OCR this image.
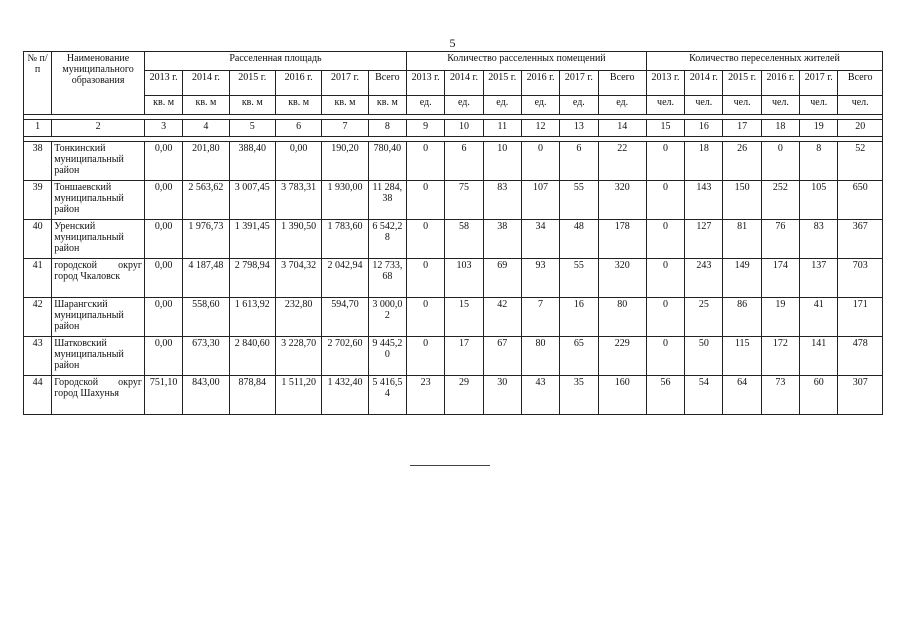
5
№ п/п	Наименование муниципального образования	Расселенная площадь						Количество расселенных помещений						Количество переселенных жителей					
		2013 г.	2014 г.	2015 г.	2016 г.	2017 г.	Всего	2013 г.	2014 г.	2015 г.	2016 г.	2017 г.	Всего	2013 г.	2014 г.	2015 г.	2016 г.	2017 г.	Всего
		кв. м	кв. м	кв. м	кв. м	кв. м	кв. м	ед.	ед.	ед.	ед.	ед.	ед.	чел.	чел.	чел.	чел.	чел.	чел.

1	2	3	4	5	6	7	8	9	10	11	12	13	14	15	16	17	18	19	20

38	Тонкинский муниципальный район	0,00	201,80	388,40	0,00	190,20	780,40	0	6	10	0	6	22	0	18	26	0	8	52
39	Тоншаевский муниципальный район	0,00	2 563,62	3 007,45	3 783,31	1 930,00	11 284,38	0	75	83	107	55	320	0	143	150	252	105	650
40	Уренский муниципальный район	0,00	1 976,73	1 391,45	1 390,50	1 783,60	6 542,28	0	58	38	34	48	178	0	127	81	76	83	367
41	городской округ город Чкаловск	0,00	4 187,48	2 798,94	3 704,32	2 042,94	12 733,68	0	103	69	93	55	320	0	243	149	174	137	703
42	Шарангский муниципальный район	0,00	558,60	1 613,92	232,80	594,70	3 000,02	0	15	42	7	16	80	0	25	86	19	41	171
43	Шатковский муниципальный район	0,00	673,30	2 840,60	3 228,70	2 702,60	9 445,20	0	17	67	80	65	229	0	50	115	172	141	478
44	Городской округ город Шахунья	751,10	843,00	878,84	1 511,20	1 432,40	5 416,54	23	29	30	43	35	160	56	54	64	73	60	307
